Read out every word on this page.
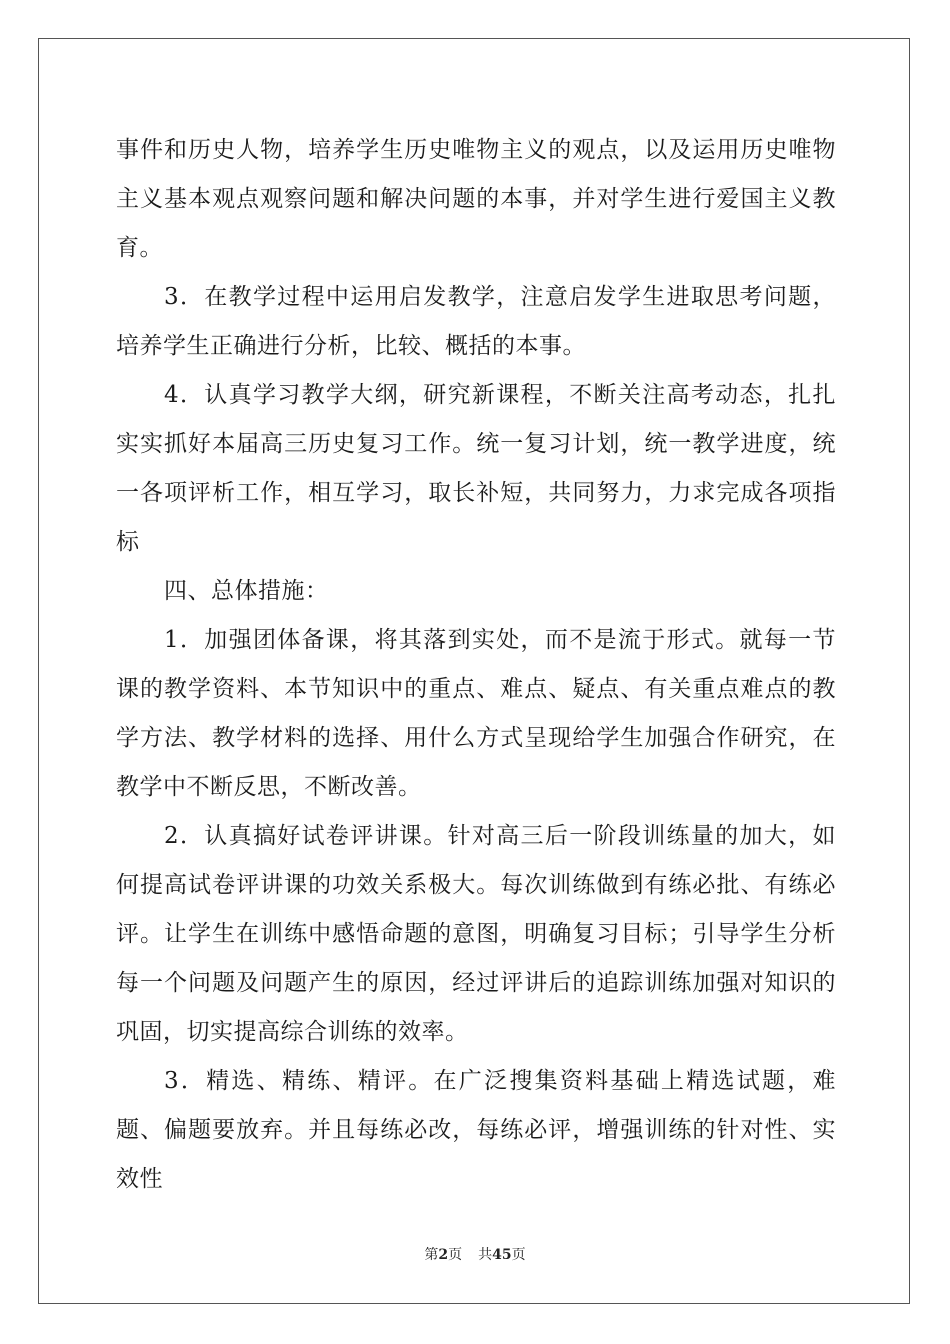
事件和历史人物，培养学生历史唯物主义的观点，以及运用历史唯物主义基本观点观察问题和解决问题的本事，并对学生进行爱国主义教育。

3．在教学过程中运用启发教学，注意启发学生进取思考问题，培养学生正确进行分析，比较、概括的本事。

4．认真学习教学大纲，研究新课程，不断关注高考动态，扎扎实实抓好本届高三历史复习工作。统一复习计划，统一教学进度，统一各项评析工作，相互学习，取长补短，共同努力，力求完成各项指标

四、总体措施：

1．加强团体备课，将其落到实处，而不是流于形式。就每一节课的教学资料、本节知识中的重点、难点、疑点、有关重点难点的教学方法、教学材料的选择、用什么方式呈现给学生加强合作研究，在教学中不断反思，不断改善。

2．认真搞好试卷评讲课。针对高三后一阶段训练量的加大，如何提高试卷评讲课的功效关系极大。每次训练做到有练必批、有练必评。让学生在训练中感悟命题的意图，明确复习目标；引导学生分析每一个问题及问题产生的原因，经过评讲后的追踪训练加强对知识的巩固，切实提高综合训练的效率。

3．精选、精练、精评。在广泛搜集资料基础上精选试题，难题、偏题要放弃。并且每练必改，每练必评，增强训练的针对性、实效性

第2页 共45页
